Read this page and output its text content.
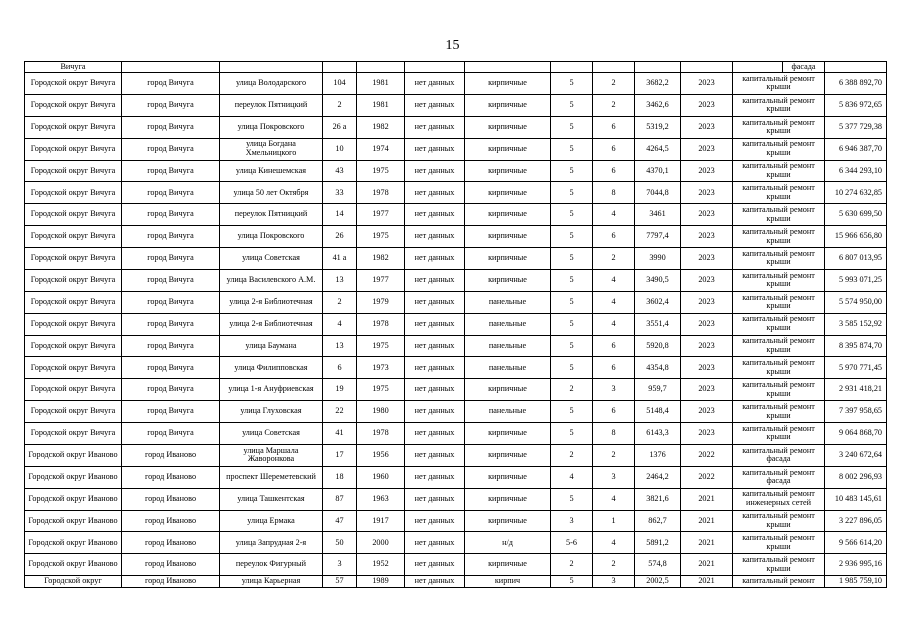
15
Вичуга												фасада	
Городской округ Вичуга	город Вичуга	улица Володарского	104	1981	нет данных	кирпичные	5	2	3682,2	2023	капитальный ремонт крыши		6 388 892,70
Городской округ Вичуга	город Вичуга	переулок Пятницкий	2	1981	нет данных	кирпичные	5	2	3462,6	2023	капитальный ремонт крыши		5 836 972,65
Городской округ Вичуга	город Вичуга	улица Покровского	26 а	1982	нет данных	кирпичные	5	6	5319,2	2023	капитальный ремонт крыши		5 377 729,38
Городской округ Вичуга	город Вичуга	улица Богдана Хмельницкого	10	1974	нет данных	кирпичные	5	6	4264,5	2023	капитальный ремонт крыши		6 946 387,70
Городской округ Вичуга	город Вичуга	улица Кинешемская	43	1975	нет данных	кирпичные	5	6	4370,1	2023	капитальный ремонт крыши		6 344 293,10
Городской округ Вичуга	город Вичуга	улица 50 лет Октября	33	1978	нет данных	кирпичные	5	8	7044,8	2023	капитальный ремонт крыши		10 274 632,85
Городской округ Вичуга	город Вичуга	переулок Пятницкий	14	1977	нет данных	кирпичные	5	4	3461	2023	капитальный ремонт крыши		5 630 699,50
Городской округ Вичуга	город Вичуга	улица Покровского	26	1975	нет данных	кирпичные	5	6	7797,4	2023	капитальный ремонт крыши		15 966 656,80
Городской округ Вичуга	город Вичуга	улица Советская	41 а	1982	нет данных	кирпичные	5	2	3990	2023	капитальный ремонт крыши		6 807 013,95
Городской округ Вичуга	город Вичуга	улица Василевского А.М.	13	1977	нет данных	кирпичные	5	4	3490,5	2023	капитальный ремонт крыши		5 993 071,25
Городской округ Вичуга	город Вичуга	улица 2-я Библиотечная	2	1979	нет данных	панельные	5	4	3602,4	2023	капитальный ремонт крыши		5 574 950,00
Городской округ Вичуга	город Вичуга	улица 2-я Библиотечная	4	1978	нет данных	панельные	5	4	3551,4	2023	капитальный ремонт крыши		3 585 152,92
Городской округ Вичуга	город Вичуга	улица Баумана	13	1975	нет данных	панельные	5	6	5920,8	2023	капитальный ремонт крыши		8 395 874,70
Городской округ Вичуга	город Вичуга	улица Филипповская	6	1973	нет данных	панельные	5	6	4354,8	2023	капитальный ремонт крыши		5 970 771,45
Городской округ Вичуга	город Вичуга	улица 1-я Ануфриевская	19	1975	нет данных	кирпичные	2	3	959,7	2023	капитальный ремонт крыши		2 931 418,21
Городской округ Вичуга	город Вичуга	улица Глуховская	22	1980	нет данных	панельные	5	6	5148,4	2023	капитальный ремонт крыши		7 397 958,65
Городской округ Вичуга	город Вичуга	улица Советская	41	1978	нет данных	кирпичные	5	8	6143,3	2023	капитальный ремонт крыши		9 064 868,70
Городской округ Иваново	город Иваново	улица Маршала Жаворонкова	17	1956	нет данных	кирпичные	2	2	1376	2022	капитальный ремонт фасада		3 240 672,64
Городской округ Иваново	город Иваново	проспект Шереметевский	18	1960	нет данных	кирпичные	4	3	2464,2	2022	капитальный ремонт фасада		8 002 296,93
Городской округ Иваново	город Иваново	улица Ташкентская	87	1963	нет данных	кирпичные	5	4	3821,6	2021	капитальный ремонт инженерных сетей		10 483 145,61
Городской округ Иваново	город Иваново	улица Ермака	47	1917	нет данных	кирпичные	3	1	862,7	2021	капитальный ремонт крыши		3 227 896,05
Городской округ Иваново	город Иваново	улица Запрудная 2-я	50	2000	нет данных	н/д	5-6	4	5891,2	2021	капитальный ремонт крыши		9 566 614,20
Городской округ Иваново	город Иваново	переулок Фигурный	3	1952	нет данных	кирпичные	2	2	574,8	2021	капитальный ремонт крыши		2 936 995,16
Городской округ	город Иваново	улица Карьерная	57	1989	нет данных	кирпич	5	3	2002,5	2021	капитальный ремонт		1 985 759,10
